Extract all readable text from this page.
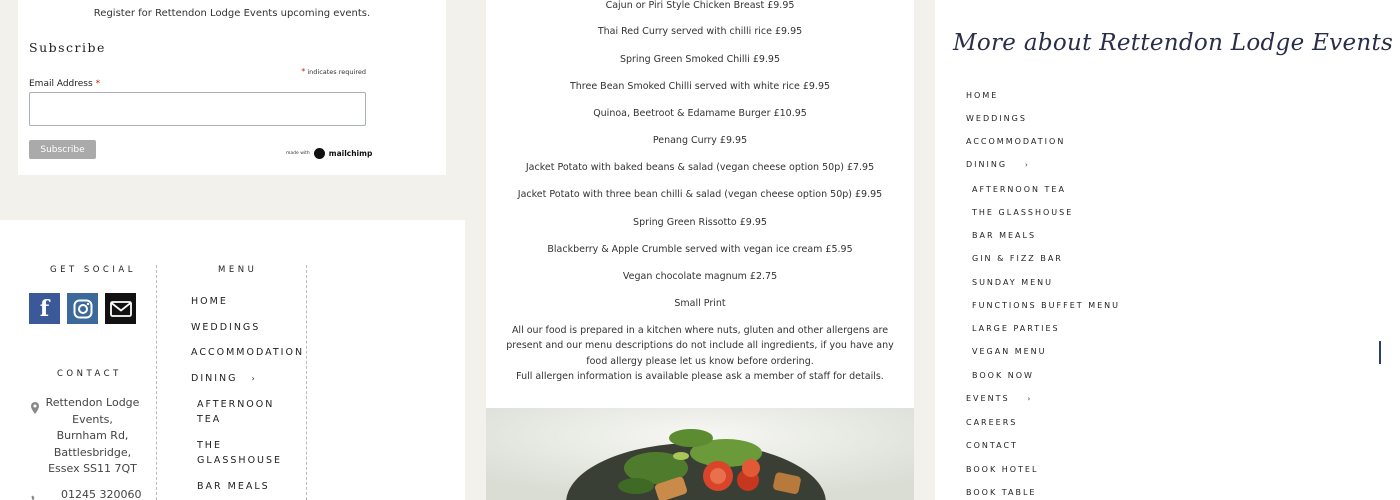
Register for Rettendon Lodge Events upcoming events.
Subscribe
* indicates required
Email Address *
Subscribe	made with	mailchimp
GET SOCIAL
f
CONTACT
Rettendon Lodge
Events,
Burnham Rd,
Battlesbridge,
Essex SS11 7QT
01245 320060
MENU
HOME
WEDDINGS
ACCOMMODATION
DINING ›
AFTERNOON TEA
THE GLASSHOUSE
BAR MEALS
Cajun or Piri Style Chicken Breast £9.95
Thai Red Curry served with chilli rice £9.95
Spring Green Smoked Chilli £9.95
Three Bean Smoked Chilli served with white rice £9.95
Quinoa, Beetroot & Edamame Burger £10.95
Penang Curry £9.95
Jacket Potato with baked beans & salad (vegan cheese option 50p) £7.95
Jacket Potato with three bean chilli & salad (vegan cheese option 50p) £9.95
Spring Green Rissotto £9.95
Blackberry & Apple Crumble served with vegan ice cream £5.95
Vegan chocolate magnum £2.75
Small Print
All our food is prepared in a kitchen where nuts, gluten and other allergens are present and our menu descriptions do not include all ingredients, if you have any food allergy please let us know before ordering.
Full allergen information is available please ask a member of staff for details.
More about Rettendon Lodge Events
HOME
WEDDINGS
ACCOMMODATION
DINING	›
AFTERNOON TEA
THE GLASSHOUSE
BAR MEALS
GIN & FIZZ BAR
SUNDAY MENU
FUNCTIONS BUFFET MENU
LARGE PARTIES
VEGAN MENU
BOOK NOW
EVENTS	›
CAREERS
CONTACT
BOOK HOTEL
BOOK TABLE
